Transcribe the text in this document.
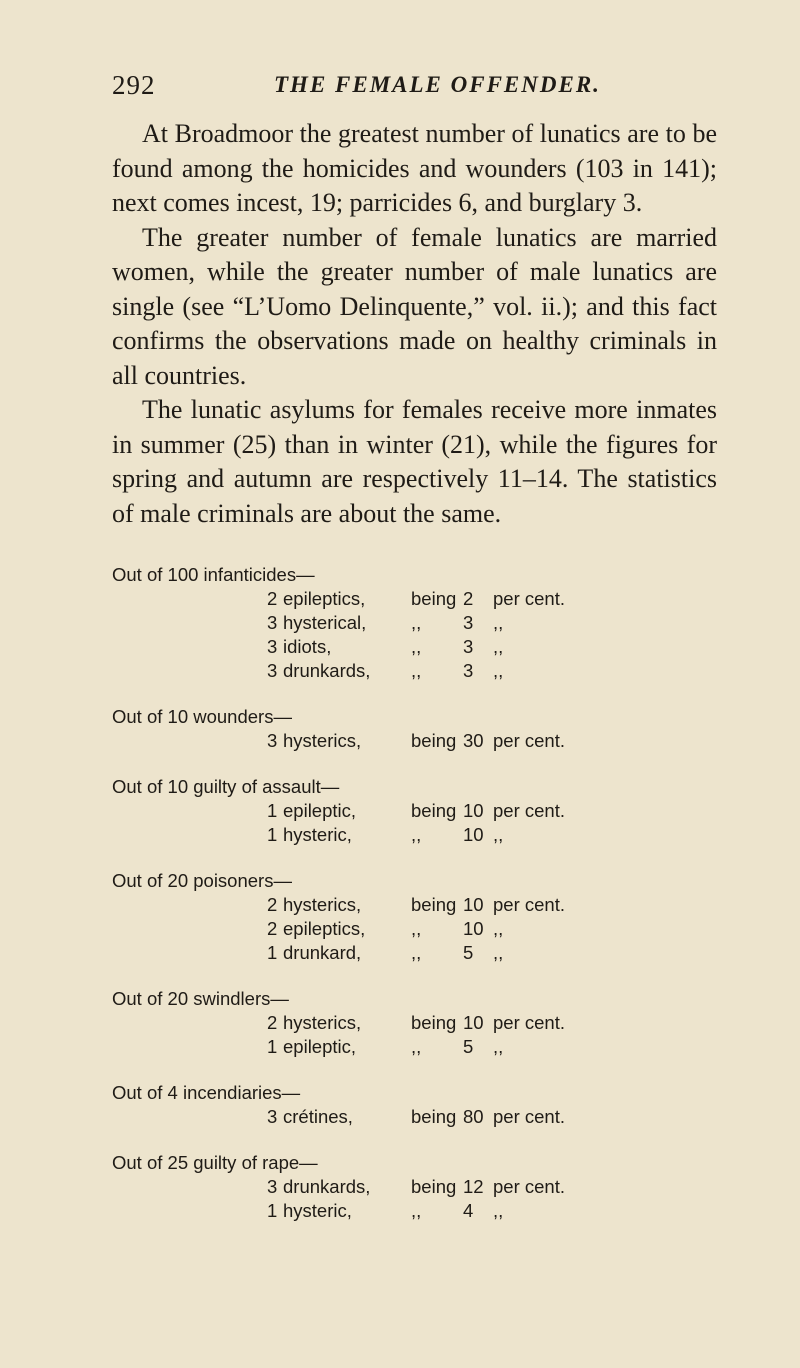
292	THE FEMALE OFFENDER.

At Broadmoor the greatest number of lunatics are to be found among the homicides and wounders (103 in 141); next comes incest, 19; parricides 6, and burglary 3.

The greater number of female lunatics are married women, while the greater number of male lunatics are single (see “L’Uomo Delinquente,” vol. ii.); and this fact confirms the observations made on healthy criminals in all countries.

The lunatic asylums for females receive more inmates in summer (25) than in winter (21), while the figures for spring and autumn are respectively 11–14. The statistics of male criminals are about the same.

Out of 100 infanticides—
2 epileptics, being 2 per cent.
3 hysterical, ,, 3 ,,
3 idiots,	,, 3 ,,
3 drunkards, ,, 3 ,,
Out of 10 wounders—
3 hysterics,	being 30 per cent.
Out of 10 guilty of assault—
1 epileptic,	being 10 per cent.
1 hysteric,	,, 10 ,,
Out of 20 poisoners—
2 hysterics,	being 10 per cent.
2 epileptics, ,, 10 ,,
1 drunkard,	,, 5 ,,
Out of 20 swindlers—
2 hysterics,	being 10 per cent.
1 epileptic,	,, 5 ,,
Out of 4 incendiaries—
3 crétines,	being 80 per cent.
Out of 25 guilty of rape—
3 drunkards, being 12 per cent.
1 hysteric,	,, 4 ,,
